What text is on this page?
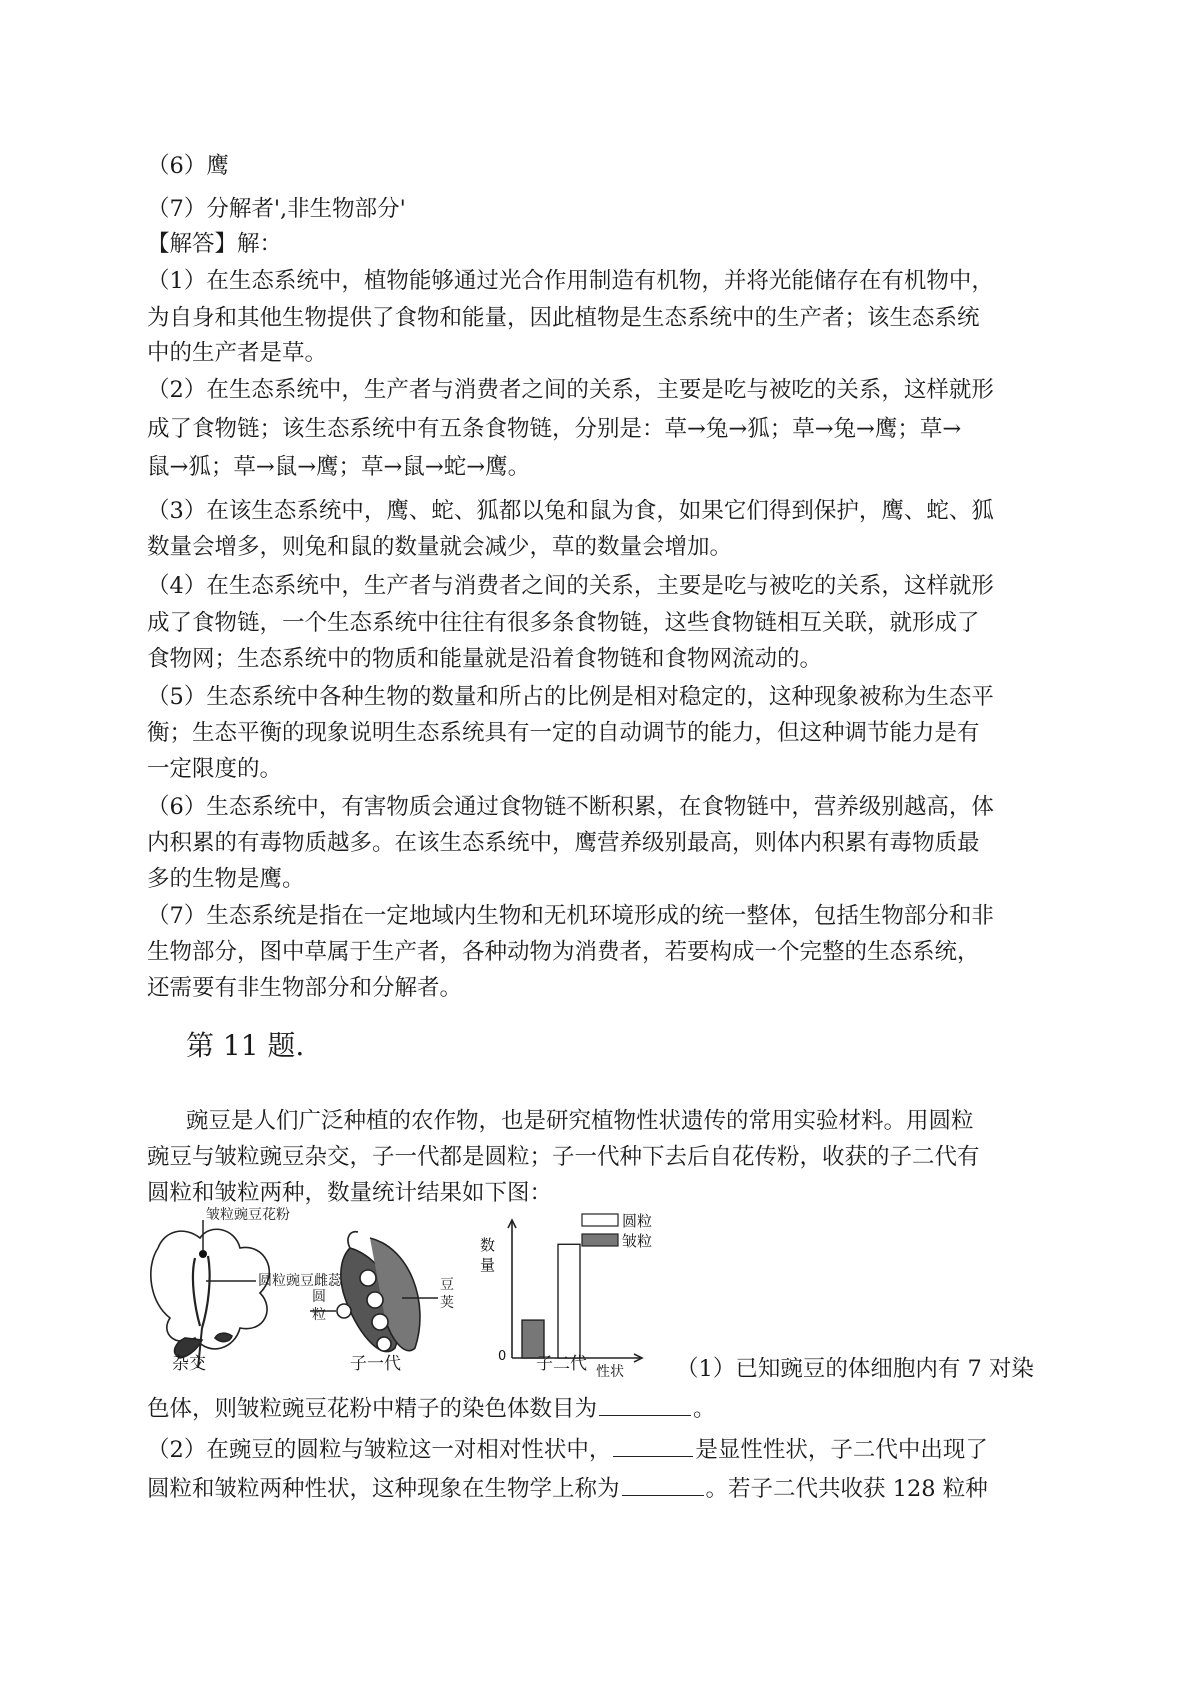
（6）鹰
（7）分解者',非生物部分'
【解答】解：
（1）在生态系统中，植物能够通过光合作用制造有机物，并将光能储存在有机物中，
为自身和其他生物提供了食物和能量，因此植物是生态系统中的生产者；该生态系统
中的生产者是草。
（2）在生态系统中，生产者与消费者之间的关系，主要是吃与被吃的关系，这样就形
成了食物链；该生态系统中有五条食物链，分别是：草→兔→狐；草→兔→鹰；草→
鼠→狐；草→鼠→鹰；草→鼠→蛇→鹰。
（3）在该生态系统中，鹰、蛇、狐都以兔和鼠为食，如果它们得到保护，鹰、蛇、狐
数量会增多，则兔和鼠的数量就会减少，草的数量会增加。
（4）在生态系统中，生产者与消费者之间的关系，主要是吃与被吃的关系，这样就形
成了食物链，一个生态系统中往往有很多条食物链，这些食物链相互关联，就形成了
食物网；生态系统中的物质和能量就是沿着食物链和食物网流动的。
（5）生态系统中各种生物的数量和所占的比例是相对稳定的，这种现象被称为生态平
衡；生态平衡的现象说明生态系统具有一定的自动调节的能力，但这种调节能力是有
一定限度的。
（6）生态系统中，有害物质会通过食物链不断积累，在食物链中，营养级别越高，体
内积累的有毒物质越多。在该生态系统中，鹰营养级别最高，则体内积累有毒物质最
多的生物是鹰。
（7）生态系统是指在一定地域内生物和无机环境形成的统一整体，包括生物部分和非
生物部分，图中草属于生产者，各种动物为消费者，若要构成一个完整的生态系统，
还需要有非生物部分和分解者。
第 11 题.
豌豆是人们广泛种植的农作物，也是研究植物性状遗传的常用实验材料。用圆粒
豌豆与皱粒豌豆杂交，子一代都是圆粒；子一代种下去后自花传粉，收获的子二代有
圆粒和皱粒两种，数量统计结果如下图：
数
量
0
性状
圆粒
皱粒
皱粒豌豆花粉
圆粒豌豆雌蕊
圆
粒
豆
荚
杂交	子一代	子二代	（1）已知豌豆的体细胞内有 7 对染
色体，则皱粒豌豆花粉中精子的染色体数目为	。
（2）在豌豆的圆粒与皱粒这一对相对性状中，	是显性性状，子二代中出现了
圆粒和皱粒两种性状，这种现象在生物学上称为	。若子二代共收获 128 粒种
